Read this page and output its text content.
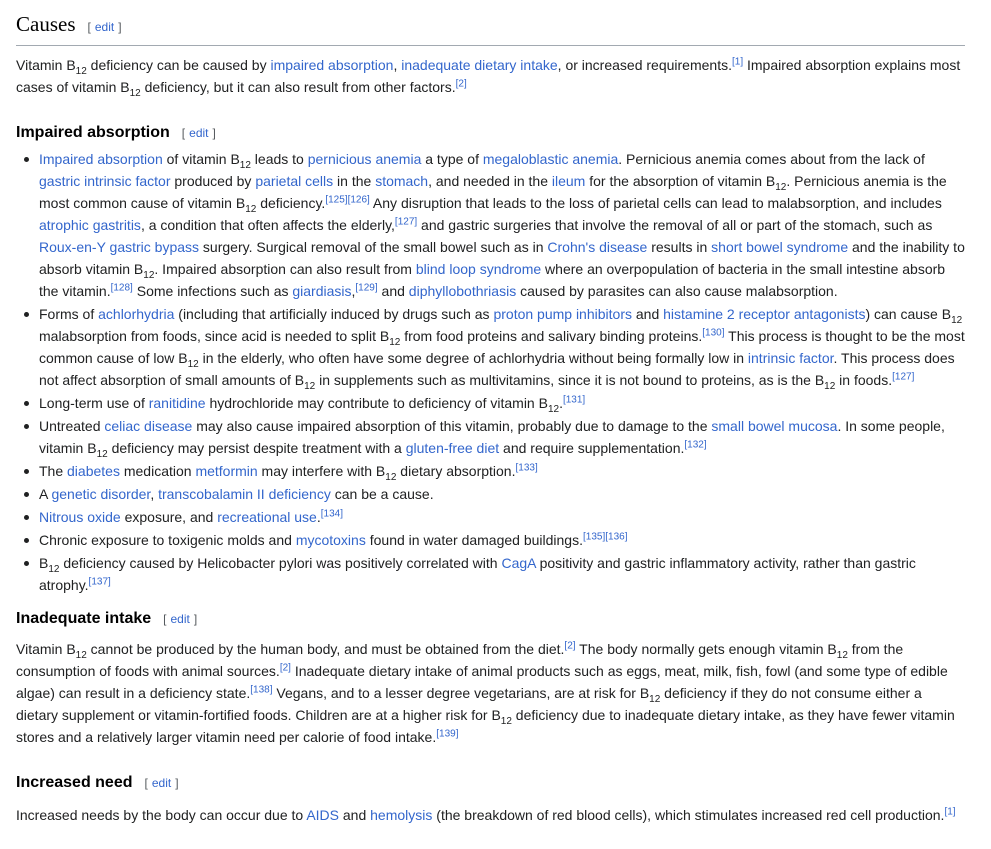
Causes [ edit ]

Vitamin $B_{12}$ deficiency can be caused by impaired absorption, inadequate dietary intake, or increased requirements.[1] Impaired absorption explains most cases of vitamin $B_{12}$ deficiency, but it can also result from other factors.[2]

Impaired absorption [ edit ]
Impaired absorption of vitamin $B_{12}$ leads to pernicious anemia a type of megaloblastic anemia. Pernicious anemia comes about from the lack of gastric intrinsic factor produced by parietal cells in the stomach, and needed in the ileum for the absorption of vitamin $B_{12}$. Pernicious anemia is the most common cause of vitamin $B_{12}$ deficiency.[125][126] Any disruption that leads to the loss of parietal cells can lead to malabsorption, and includes atrophic gastritis, a condition that often affects the elderly,[127] and gastric surgeries that involve the removal of all or part of the stomach, such as Roux-en-Y gastric bypass surgery. Surgical removal of the small bowel such as in Crohn's disease results in short bowel syndrome and the inability to absorb vitamin $B_{12}$. Impaired absorption can also result from blind loop syndrome where an overpopulation of bacteria in the small intestine absorb the vitamin.[128] Some infections such as giardiasis,[129] and diphyllobothriasis caused by parasites can also cause malabsorption.
Forms of achlorhydria (including that artificially induced by drugs such as proton pump inhibitors and histamine 2 receptor antagonists) can cause $B_{12}$ malabsorption from foods, since acid is needed to split $B_{12}$ from food proteins and salivary binding proteins.[130] This process is thought to be the most common cause of low $B_{12}$ in the elderly, who often have some degree of achlorhydria without being formally low in intrinsic factor. This process does not affect absorption of small amounts of $B_{12}$ in supplements such as multivitamins, since it is not bound to proteins, as is the $B_{12}$ in foods.[127]
Long-term use of ranitidine hydrochloride may contribute to deficiency of vitamin $B_{12}.[131]$
Untreated celiac disease may also cause impaired absorption of this vitamin, probably due to damage to the small bowel mucosa. In some people, vitamin $B_{12}$ deficiency may persist despite treatment with a gluten-free diet and require supplementation.[132]
The diabetes medication metformin may interfere with $B_{12}$ dietary absorption.[133]
A genetic disorder, transcobalamin II deficiency can be a cause.
Nitrous oxide exposure, and recreational use.[134]
Chronic exposure to toxigenic molds and mycotoxins found in water damaged buildings.[135][136]
$B_{12}$ deficiency caused by Helicobacter pylori was positively correlated with CagA positivity and gastric inflammatory activity, rather than gastric atrophy.[137]
Inadequate intake [ edit ]

Vitamin $B_{12}$ cannot be produced by the human body, and must be obtained from the diet.[2] The body normally gets enough vitamin $B_{12}$ from the consumption of foods with animal sources.[2] Inadequate dietary intake of animal products such as eggs, meat, milk, fish, fowl (and some type of edible algae) can result in a deficiency state.[138] Vegans, and to a lesser degree vegetarians, are at risk for $B_{12}$ deficiency if they do not consume either a dietary supplement or vitamin-fortified foods. Children are at a higher risk for $B_{12}$ deficiency due to inadequate dietary intake, as they have fewer vitamin stores and a relatively larger vitamin need per calorie of food intake.[139]

Increased need [ edit ]

Increased needs by the body can occur due to AIDS and hemolysis (the breakdown of red blood cells), which stimulates increased red cell production.[1]
